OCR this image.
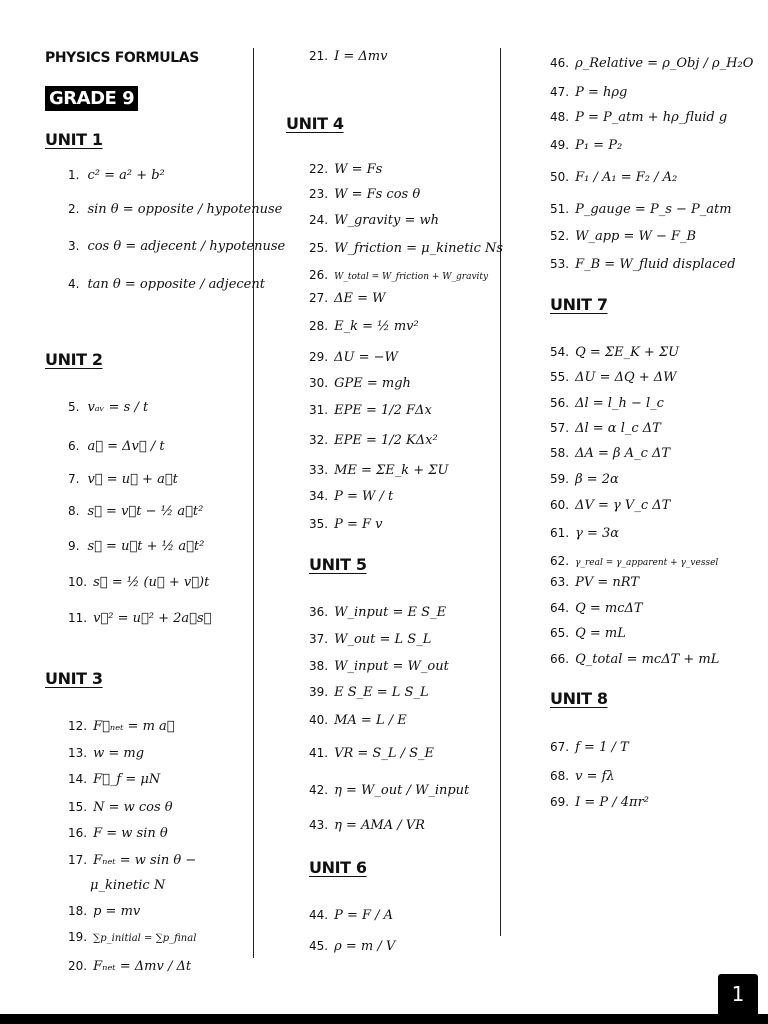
PHYSICS FORMULAS
GRADE 9
UNIT 1
UNIT 2
UNIT 3
UNIT 4
UNIT 5
UNIT 6
UNIT 7
UNIT 8
1. c² = a² + b²
2. sin θ = opposite / hypotenuse
3. cos θ = adjecent / hypotenuse
4. tan θ = opposite / adjecent
5. vₐᵥ = s / t
6. a⃗ = Δv⃗ / t
7. v⃗ = u⃗ + a⃗t
8. s⃗ = v⃗t − ½ a⃗t²
9. s⃗ = u⃗t + ½ a⃗t²
10. s⃗ = ½ (u⃗ + v⃗)t
11. v⃗² = u⃗² + 2a⃗s⃗
12. F⃗ₙₑₜ = m a⃗
13. w = mg
14. F⃗_f = μN
15. N = w cos θ
16. F = w sin θ
17. Fₙₑₜ = w sin θ −
μ_kinetic N
18. p = mv
19. ∑p_initial = ∑p_final
20. Fₙₑₜ = Δmv / Δt
21. I = Δmv
22. W = Fs
23. W = Fs cos θ
24. W_gravity = wh
25. W_friction = μ_kinetic Ns
26. W_total = W_friction + W_gravity
27. ΔE = W
28. E_k = ½ mv²
29. ΔU = −W
30. GPE = mgh
31. EPE = 1/2 FΔx
32. EPE = 1/2 KΔx²
33. ME = ΣE_k + ΣU
34. P = W / t
35. P = F v
36. W_input = E S_E
37. W_out = L S_L
38. W_input = W_out
39. E S_E = L S_L
40. MA = L / E
41. VR = S_L / S_E
42. η = W_out / W_input
43. η = AMA / VR
44. P = F / A
45. ρ = m / V
46. ρ_Relative = ρ_Obj / ρ_H₂O
47. P = hρg
48. P = P_atm + hρ_fluid g
49. P₁ = P₂
50. F₁ / A₁ = F₂ / A₂
51. P_gauge = P_s − P_atm
52. W_app = W − F_B
53. F_B = W_fluid displaced
54. Q = ΣE_K + ΣU
55. ΔU = ΔQ + ΔW
56. Δl = l_h − l_c
57. Δl = α l_c ΔT
58. ΔA = β A_c ΔT
59. β = 2α
60. ΔV = γ V_c ΔT
61. γ = 3α
62. γ_real = γ_apparent + γ_vessel
63. PV = nRT
64. Q = mcΔT
65. Q = mL
66. Q_total = mcΔT + mL
67. f = 1 / T
68. v = fλ
69. I = P / 4πr²
1
